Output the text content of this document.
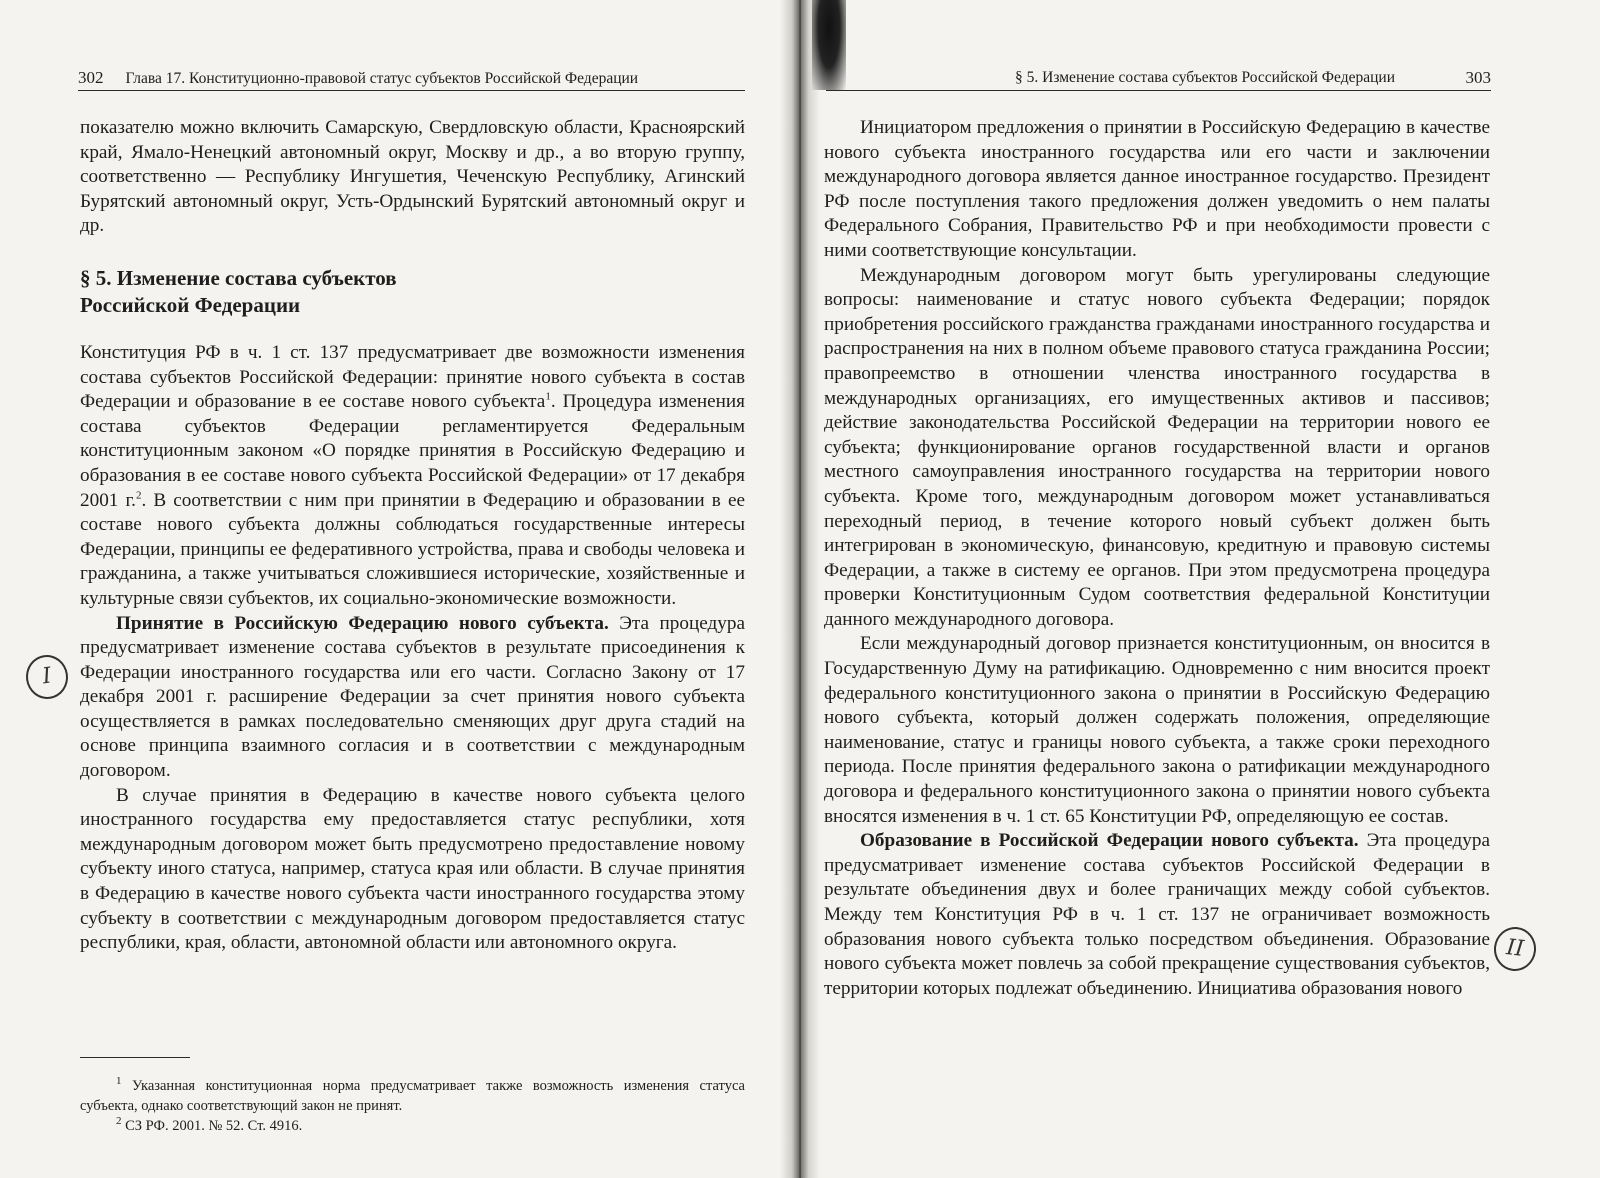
302 Глава 17. Конституционно-правовой статус субъектов Российской Федерации

показателю можно включить Самарскую, Свердловскую области, Красноярский край, Ямало-Ненецкий автономный округ, Москву и др., а во вторую группу, соответственно — Республику Ингушетия, Чеченскую Республику, Агинский Бурятский автономный округ, Усть-Ордынский Бурятский автономный округ и др.

§ 5. Изменение состава субъектов
Российской Федерации

Конституция РФ в ч. 1 ст. 137 предусматривает две возможности изменения состава субъектов Российской Федерации: принятие нового субъекта в состав Федерации и образование в ее составе нового субъекта$^1$. Процедура изменения состава субъектов Федерации регламентируется Федеральным конституционным законом «О порядке принятия в Российскую Федерацию и образования в ее составе нового субъекта Российской Федерации» от 17 декабря 2001 г.$^2$. В соответствии с ним при принятии в Федерацию и образовании в ее составе нового субъекта должны соблюдаться государственные интересы Федерации, принципы ее федеративного устройства, права и свободы человека и гражданина, а также учитываться сложившиеся исторические, хозяйственные и культурные связи субъектов, их социально-экономические возможности.

Принятие в Российскую Федерацию нового субъекта. Эта процедура предусматривает изменение состава субъектов в результате присоединения к Федерации иностранного государства или его части. Согласно Закону от 17 декабря 2001 г. расширение Федерации за счет принятия нового субъекта осуществляется в рамках последовательно сменяющих друг друга стадий на основе принципа взаимного согласия и в соответствии с международным договором.

В случае принятия в Федерацию в качестве нового субъекта целого иностранного государства ему предоставляется статус республики, хотя международным договором может быть предусмотрено предоставление новому субъекту иного статуса, например, статуса края или области. В случае принятия в Федерацию в качестве нового субъекта части иностранного государства этому субъекту в соответствии с международным договором предоставляется статус республики, края, области, автономной области или автономного округа.

$^1$ Указанная конституционная норма предусматривает также возможность изменения статуса субъекта, однако соответствующий закон не принят.

$^2$ СЗ РФ. 2001. № 52. Ст. 4916.

I
§ 5. Изменение состава субъектов Российской Федерации	303

Инициатором предложения о принятии в Российскую Федерацию в качестве нового субъекта иностранного государства или его части и заключении международного договора является данное иностранное государство. Президент РФ после поступления такого предложения должен уведомить о нем палаты Федерального Собрания, Правительство РФ и при необходимости провести с ними соответствующие консультации.

Международным договором могут быть урегулированы следующие вопросы: наименование и статус нового субъекта Федерации; порядок приобретения российского гражданства гражданами иностранного государства и распространения на них в полном объеме правового статуса гражданина России; правопреемство в отношении членства иностранного государства в международных организациях, его имущественных активов и пассивов; действие законодательства Российской Федерации на территории нового ее субъекта; функционирование органов государственной власти и органов местного самоуправления иностранного государства на территории нового субъекта. Кроме того, международным договором может устанавливаться переходный период, в течение которого новый субъект должен быть интегрирован в экономическую, финансовую, кредитную и правовую системы Федерации, а также в систему ее органов. При этом предусмотрена процедура проверки Конституционным Судом соответствия федеральной Конституции данного международного договора.

Если международный договор признается конституционным, он вносится в Государственную Думу на ратификацию. Одновременно с ним вносится проект федерального конституционного закона о принятии в Российскую Федерацию нового субъекта, который должен содержать положения, определяющие наименование, статус и границы нового субъекта, а также сроки переходного периода. После принятия федерального закона о ратификации международного договора и федерального конституционного закона о принятии нового субъекта вносятся изменения в ч. 1 ст. 65 Конституции РФ, определяющую ее состав.

Образование в Российской Федерации нового субъекта. Эта процедура предусматривает изменение состава субъектов Российской Федерации в результате объединения двух и более граничащих между собой субъектов. Между тем Конституция РФ в ч. 1 ст. 137 не ограничивает возможность образования нового субъекта только посредством объединения. Образование нового субъекта может повлечь за собой прекращение существования субъектов, территории которых подлежат объединению. Инициатива образования нового

II
